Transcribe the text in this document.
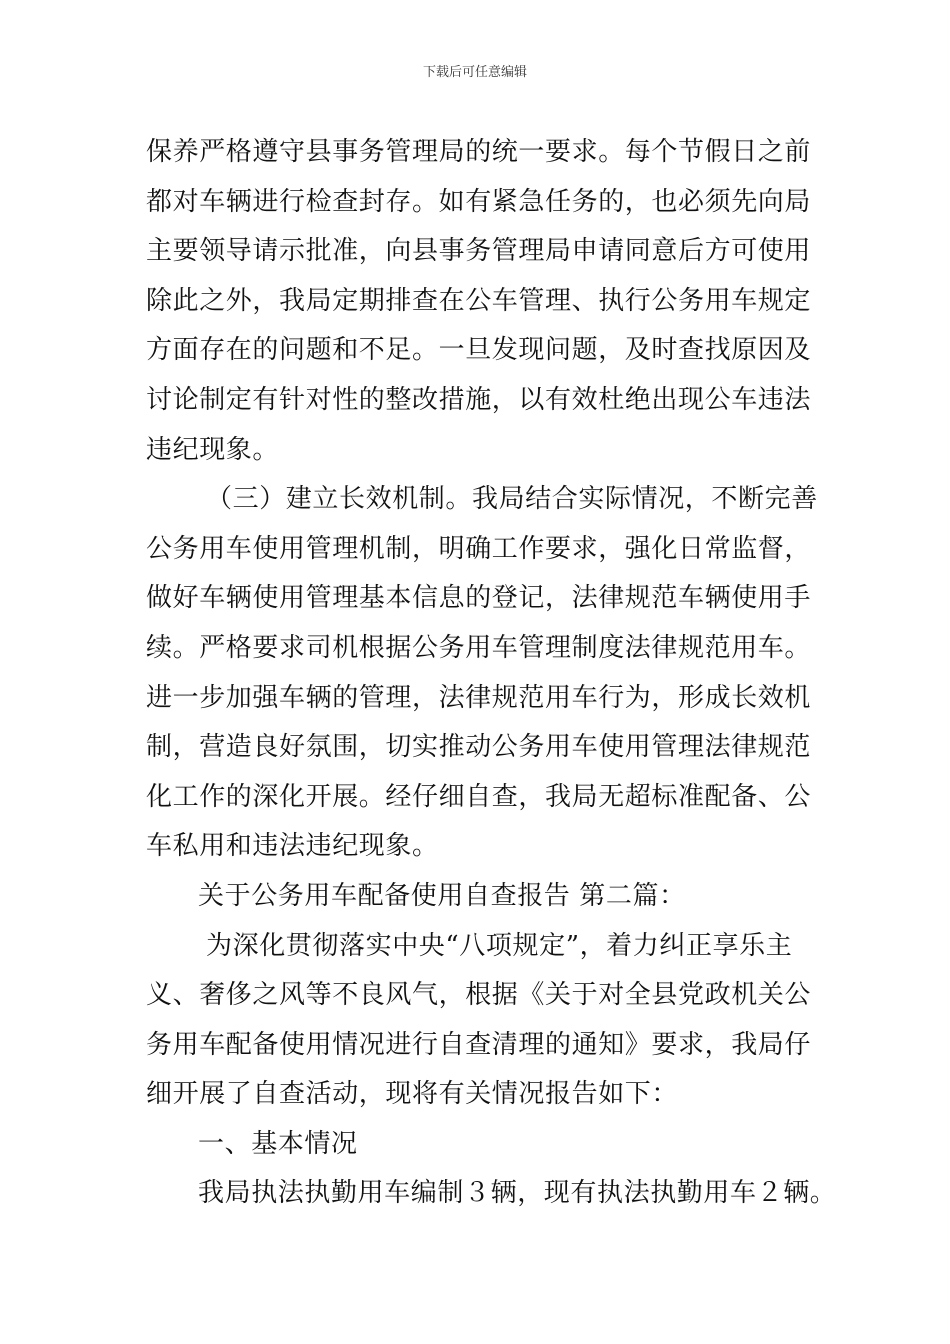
下载后可任意编辑
保养严格遵守县事务管理局的统一要求。每个节假日之前
都对车辆进行检查封存。如有紧急任务的，也必须先向局
主要领导请示批准，向县事务管理局申请同意后方可使用
除此之外，我局定期排查在公车管理、执行公务用车规定
方面存在的问题和不足。一旦发现问题，及时查找原因及
讨论制定有针对性的整改措施，以有效杜绝出现公车违法
违纪现象。
（三）建立长效机制。我局结合实际情况，不断完善
公务用车使用管理机制，明确工作要求，强化日常监督，
做好车辆使用管理基本信息的登记，法律规范车辆使用手
续。严格要求司机根据公务用车管理制度法律规范用车。
进一步加强车辆的管理，法律规范用车行为，形成长效机
制，营造良好氛围，切实推动公务用车使用管理法律规范
化工作的深化开展。经仔细自查，我局无超标准配备、公
车私用和违法违纪现象。
关于公务用车配备使用自查报告 第二篇：
为深化贯彻落实中央“八项规定”，着力纠正享乐主
义、奢侈之风等不良风气，根据《关于对全县党政机关公
务用车配备使用情况进行自查清理的通知》要求，我局仔
细开展了自查活动，现将有关情况报告如下：
一、基本情况
我局执法执勤用车编制３辆，现有执法执勤用车２辆。
